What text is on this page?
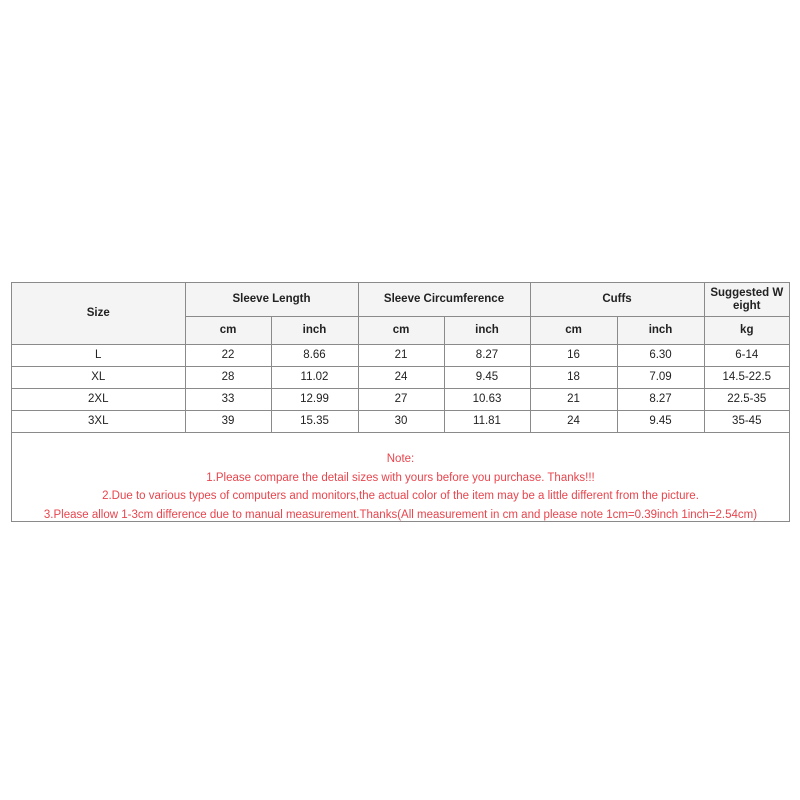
Size	Sleeve Length		Sleeve Circumference		Cuffs		Suggested W eight
	cm	inch	cm	inch	cm	inch	kg
L	22	8.66	21	8.27	16	6.30	6-14
XL	28	11.02	24	9.45	18	7.09	14.5-22.5
2XL	33	12.99	27	10.63	21	8.27	22.5-35
3XL	39	15.35	30	11.81	24	9.45	35-45
Note:
1.Please compare the detail sizes with yours before you purchase. Thanks!!!
2.Due to various types of computers and monitors,the actual color of the item may be a little different from the picture.
3.Please allow 1-3cm difference due to manual measurement.Thanks(All measurement in cm and please note 1cm=0.39inch 1inch=2.54cm)
